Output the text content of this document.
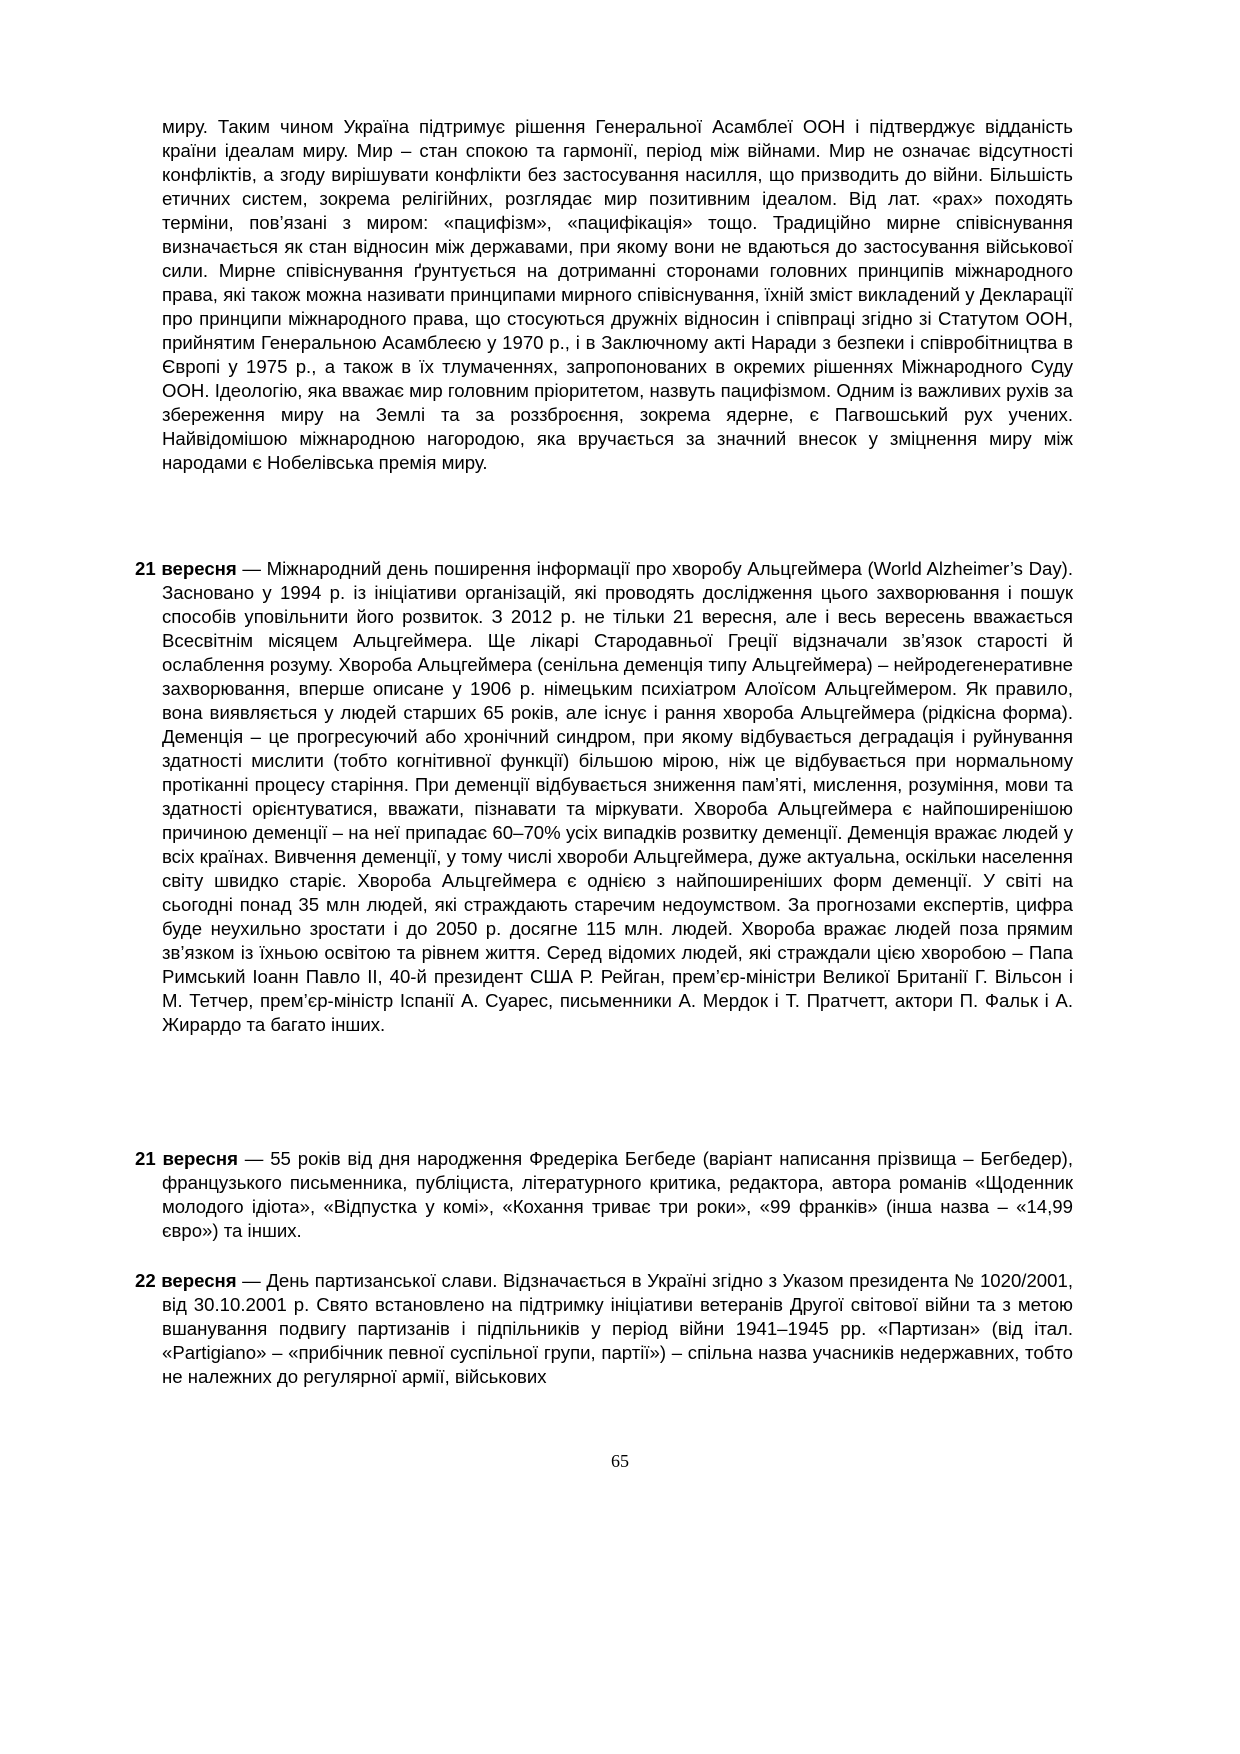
миру. Таким чином Україна підтримує рішення Генеральної Асамблеї ООН і підтверджує відданість країни ідеалам миру. Мир – стан спокою та гармонії, період між війнами. Мир не означає відсутності конфліктів, а згоду вирішувати конфлікти без застосування насилля, що призводить до війни. Більшість етичних систем, зокрема релігійних, розглядає мир позитивним ідеалом. Від лат. «pax» походять терміни, пов’язані з миром: «пацифізм», «пацифікація» тощо. Традиційно мирне співіснування визначається як стан відносин між державами, при якому вони не вдаються до застосування військової сили. Мирне співіснування ґрунтується на дотриманні сторонами головних принципів міжнародного права, які також можна називати принципами мирного співіснування, їхній зміст викладений у Декларації про принципи міжнародного права, що стосуються дружніх відносин і співпраці згідно зі Статутом ООН, прийнятим Генеральною Асамблеєю у 1970 р., і в Заключному акті Наради з безпеки і співробітництва в Європі у 1975 р., а також в їх тлумаченнях, запропонованих в окремих рішеннях Міжнародного Суду ООН. Ідеологію, яка вважає мир головним пріоритетом, назвуть пацифізмом. Одним із важливих рухів за збереження миру на Землі та за роззброєння, зокрема ядерне, є Пагвошський рух учених. Найвідомішою міжнародною нагородою, яка вручається за значний внесок у зміцнення миру між народами є Нобелівська премія миру.

21 вересня — Міжнародний день поширення інформації про хворобу Альцгеймера (World Alzheimer’s Day). Засновано у 1994 р. із ініціативи організацій, які проводять дослідження цього захворювання і пошук способів уповільнити його розвиток. З 2012 р. не тільки 21 вересня, але і весь вересень вважається Всесвітнім місяцем Альцгеймера. Ще лікарі Стародавньої Греції відзначали зв’язок старості й ослаблення розуму. Хвороба Альцгеймера (сенільна деменція типу Альцгеймера) – нейродегенеративне захворювання, вперше описане у 1906 р. німецьким психіатром Алоїсом Альцгеймером. Як правило, вона виявляється у людей старших 65 років, але існує і рання хвороба Альцгеймера (рідкісна форма). Деменція – це прогресуючий або хронічний синдром, при якому відбувається деградація і руйнування здатності мислити (тобто когнітивної функції) більшою мірою, ніж це відбувається при нормальному протіканні процесу старіння. При деменції відбувається зниження пам’яті, мислення, розуміння, мови та здатності орієнтуватися, вважати, пізнавати та міркувати. Хвороба Альцгеймера є найпоширенішою причиною деменції – на неї припадає 60–70% усіх випадків розвитку деменції. Деменція вражає людей у всіх країнах. Вивчення деменції, у тому числі хвороби Альцгеймера, дуже актуальна, оскільки населення світу швидко старіє. Хвороба Альцгеймера є однією з найпоширеніших форм деменції. У світі на сьогодні понад 35 млн людей, які страждають старечим недоумством. За прогнозами експертів, цифра буде неухильно зростати і до 2050 р. досягне 115 млн. людей. Хвороба вражає людей поза прямим зв’язком із їхньою освітою та рівнем життя. Серед відомих людей, які страждали цією хворобою – Папа Римський Іоанн Павло ІІ, 40-й президент США Р. Рейган, прем’єр-міністри Великої Британії Г. Вільсон і М. Тетчер, прем’єр-міністр Іспанії А. Суарес, письменники А. Мердок і Т. Пратчетт, актори П. Фальк і А. Жирардо та багато інших.

21 вересня — 55 років від дня народження Фредеріка Бегбеде (варіант написання прізвища – Бегбедер), французького письменника, публіциста, літературного критика, редактора, автора романів «Щоденник молодого ідіота», «Відпустка у комі», «Кохання триває три роки», «99 франків» (інша назва – «14,99 євро») та інших.

22 вересня — День партизанської слави. Відзначається в Україні згідно з Указом президента № 1020/2001, від 30.10.2001 р. Свято встановлено на підтримку ініціативи ветеранів Другої світової війни та з метою вшанування подвигу партизанів і підпільників у період війни 1941–1945 рр. «Партизан» (від італ. «Partigiano» – «прибічник певної суспільної групи, партії») – спільна назва учасників недержавних, тобто не належних до регулярної армії, військових

65
